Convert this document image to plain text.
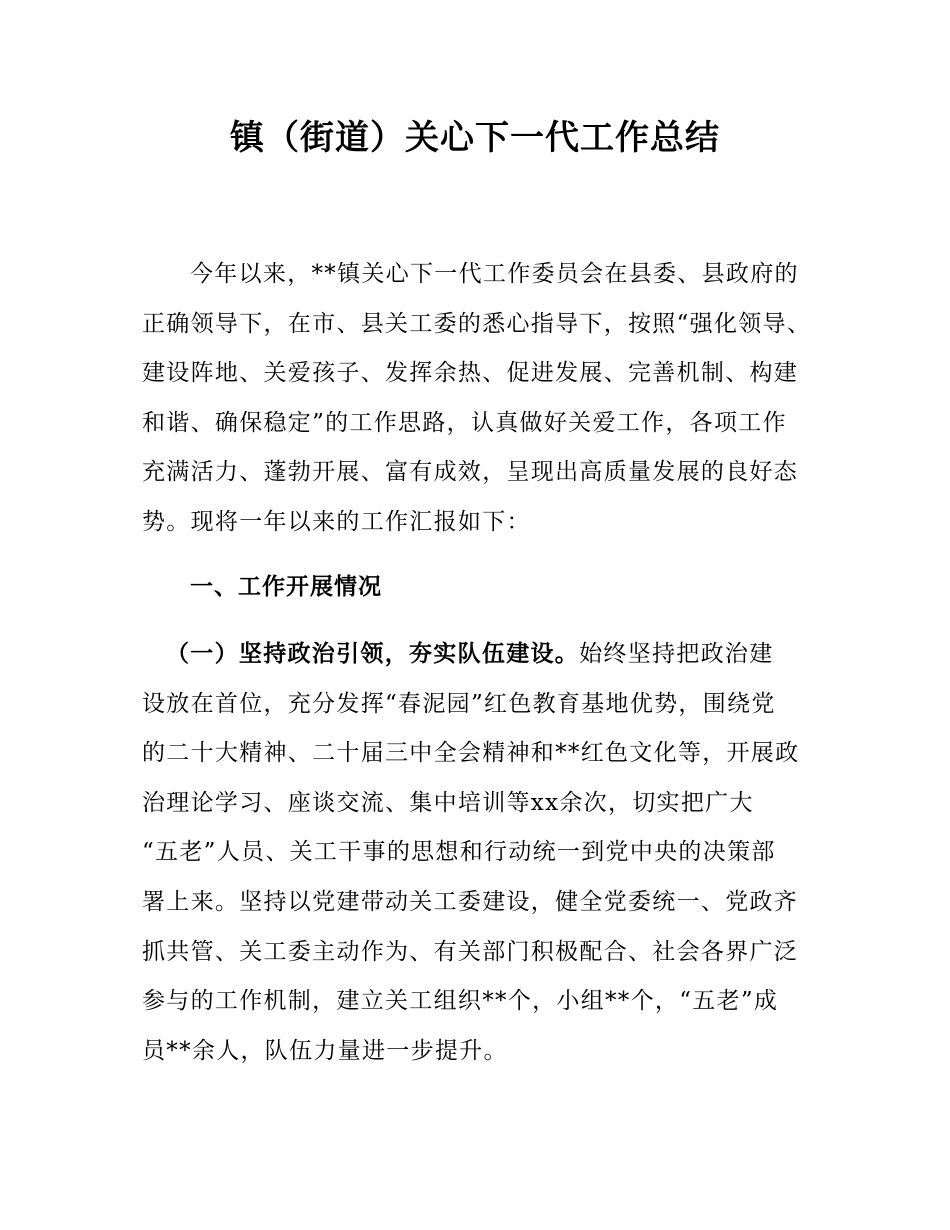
镇（街道）关心下一代工作总结
今年以来，**镇关心下一代工作委员会在县委、县政府的
正确领导下，在市、县关工委的悉心指导下，按照“强化领导、
建设阵地、关爱孩子、发挥余热、促进发展、完善机制、构建
和谐、确保稳定”的工作思路，认真做好关爱工作，各项工作
充满活力、蓬勃开展、富有成效，呈现出高质量发展的良好态
势。现将一年以来的工作汇报如下：
一、工作开展情况
（一）坚持政治引领，夯实队伍建设。始终坚持把政治建
设放在首位，充分发挥“春泥园”红色教育基地优势，围绕党
的二十大精神、二十届三中全会精神和**红色文化等，开展政
治理论学习、座谈交流、集中培训等xx余次，切实把广大
“五老”人员、关工干事的思想和行动统一到党中央的决策部
署上来。坚持以党建带动关工委建设，健全党委统一、党政齐
抓共管、关工委主动作为、有关部门积极配合、社会各界广泛
参与的工作机制，建立关工组织**个，小组**个，“五老”成
员**余人，队伍力量进一步提升。
